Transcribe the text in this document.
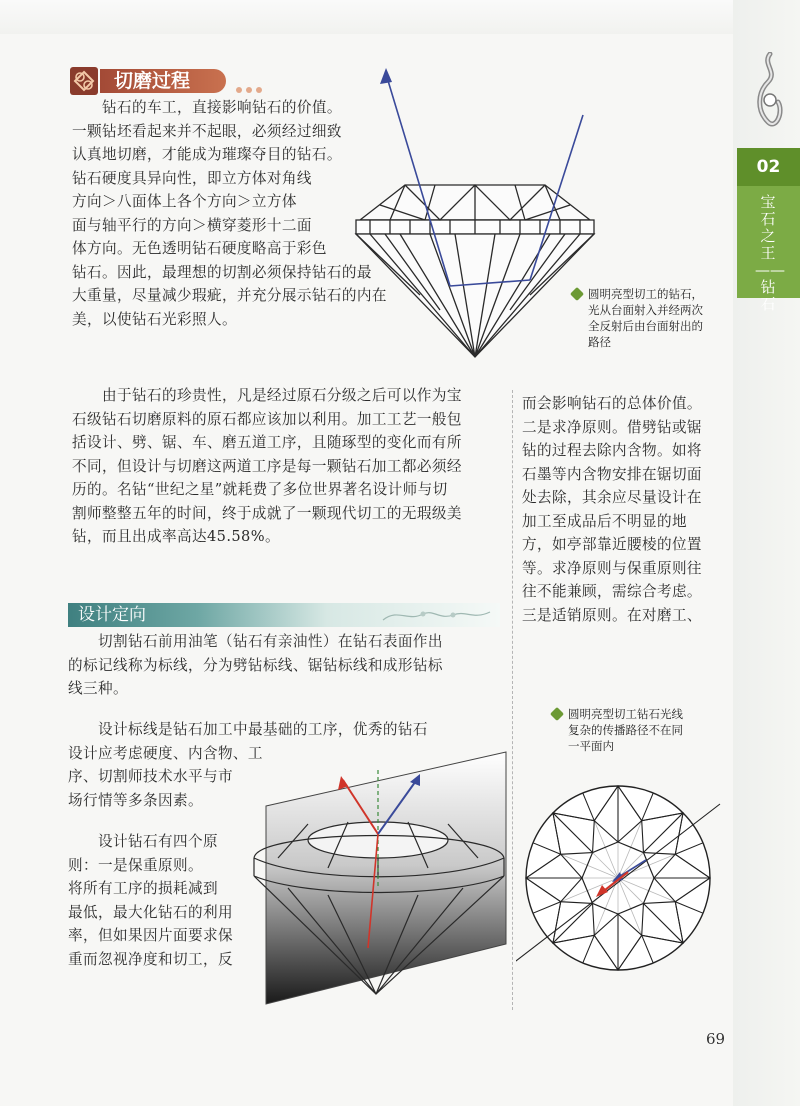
02
宝石之王——钻石
切磨过程

钻石的车工，直接影响钻石的价值。

一颗钻坯看起来并不起眼，必须经过细致

认真地切磨，才能成为璀璨夺目的钻石。

钻石硬度具异向性，即立方体对角线

方向＞八面体上各个方向＞立方体

面与轴平行的方向＞横穿菱形十二面

体方向。无色透明钻石硬度略高于彩色

钻石。因此，最理想的切割必须保持钻石的最

大重量，尽量减少瑕疵，并充分展示钻石的内在

美，以使钻石光彩照人。

圆明亮型切工的钻石，
光从台面射入并经两次
全反射后由台面射出的
路径

由于钻石的珍贵性，凡是经过原石分级之后可以作为宝

石级钻石切磨原料的原石都应该加以利用。加工工艺一般包

括设计、劈、锯、车、磨五道工序，且随琢型的变化而有所

不同，但设计与切磨这两道工序是每一颗钻石加工都必须经

历的。名钻“世纪之星”就耗费了多位世界著名设计师与切

割师整整五年的时间，终于成就了一颗现代切工的无瑕级美

钻，而且出成率高达45.58%。

而会影响钻石的总体价值。

二是求净原则。借劈钻或锯

钻的过程去除内含物。如将

石墨等内含物安排在锯切面

处去除，其余应尽量设计在

加工至成品后不明显的地

方，如亭部靠近腰棱的位置

等。求净原则与保重原则往

往不能兼顾，需综合考虑。

三是适销原则。在对磨工、

设计定向

切割钻石前用油笔（钻石有亲油性）在钻石表面作出

的标记线称为标线，分为劈钻标线、锯钻标线和成形钻标

线三种。

设计标线是钻石加工中最基础的工序，优秀的钻石

设计应考虑硬度、内含物、工

序、切割师技术水平与市

场行情等多条因素。

设计钻石有四个原

则：一是保重原则。

将所有工序的损耗减到

最低，最大化钻石的利用

率，但如果因片面要求保

重而忽视净度和切工，反

圆明亮型切工钻石光线
复杂的传播路径不在同
一平面内
69
